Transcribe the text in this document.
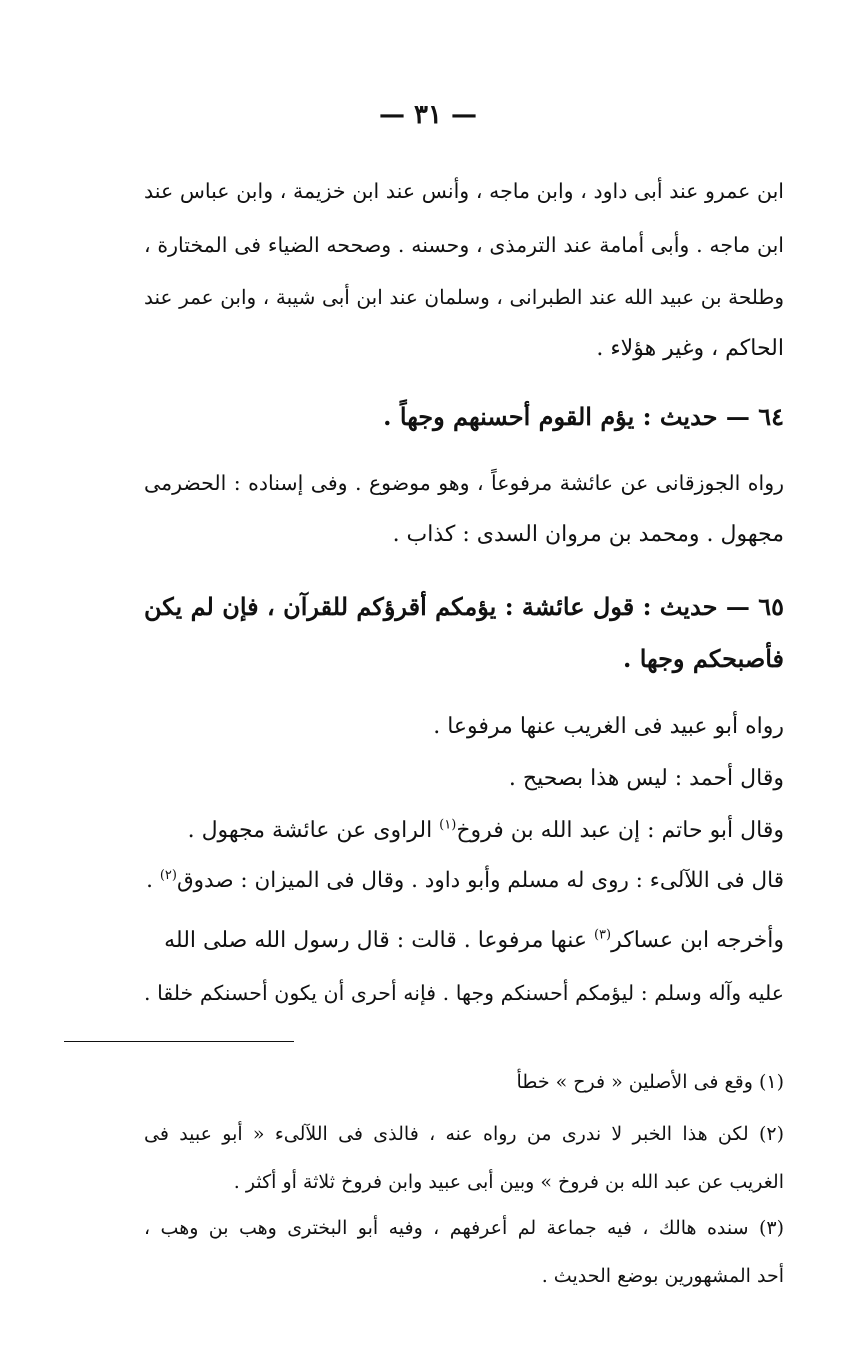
— ٣١ —
ابن عمرو عند أبى داود ، وابن ماجه ، وأنس عند ابن خزيمة ، وابن عباس عند
ابن ماجه . وأبى أمامة عند الترمذى ، وحسنه . وصححه الضياء فى المختارة ،
وطلحة بن عبيد الله عند الطبرانى ، وسلمان عند ابن أبى شيبة ، وابن عمر عند
الحاكم ، وغير هؤلاء .
٦٤ — حديث : يؤم القوم أحسنهم وجهاً .
رواه الجوزقانى عن عائشة مرفوعاً ، وهو موضوع . وفى إسناده : الحضرمى
مجهول . ومحمد بن مروان السدى : كذاب .
٦٥ — حديث : قول عائشة : يؤمكم أقرؤكم للقرآن ، فإن لم يكن
فأصبحكم وجها .
رواه أبو عبيد فى الغريب عنها مرفوعا .
وقال أحمد : ليس هذا بصحيح .
وقال أبو حاتم : إن عبد الله بن فروخ$^{(١)}$ الراوى عن عائشة مجهول .
قال فى اللآلىء : روى له مسلم وأبو داود . وقال فى الميزان : صدوق$^{(٢)}$ .
وأخرجه ابن عساكر$^{(٣)}$ عنها مرفوعا . قالت : قال رسول الله صلى الله
عليه وآله وسلم : ليؤمكم أحسنكم وجها . فإنه أحرى أن يكون أحسنكم خلقا .
(١) وقع فى الأصلين « فرح » خطأ
(٢) لكن هذا الخبر لا ندرى من رواه عنه ، فالذى فى اللآلىء « أبو عبيد فى
الغريب عن عبد الله بن فروخ » وبين أبى عبيد وابن فروخ ثلاثة أو أكثر .
(٣) سنده هالك ، فيه جماعة لم أعرفهم ، وفيه أبو البخترى وهب بن وهب ،
أحد المشهورين بوضع الحديث .
